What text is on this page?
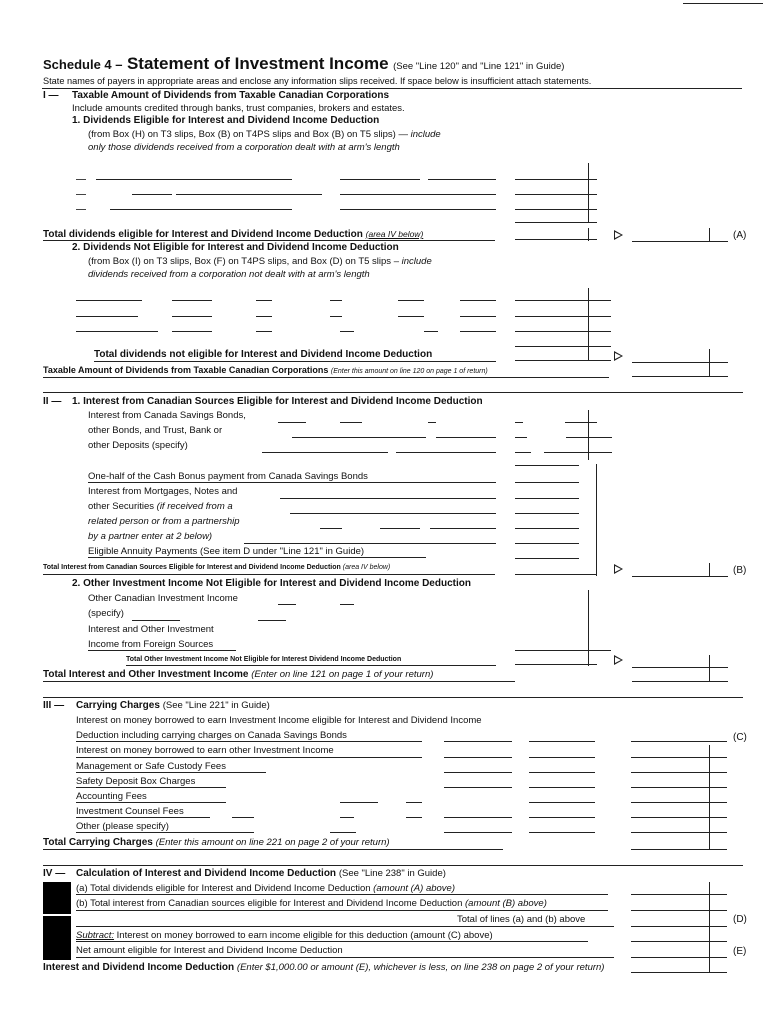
Schedule 4 – Statement of Investment Income (See "Line 120" and "Line 121" in Guide)
State names of payers in appropriate areas and enclose any information slips received. If space below is insufficient attach statements.
I — Taxable Amount of Dividends from Taxable Canadian Corporations
Include amounts credited through banks, trust companies, brokers and estates.
1. Dividends Eligible for Interest and Dividend Income Deduction
(from Box (H) on T3 slips, Box (B) on T4PS slips and Box (B) on T5 slips) — include
only those dividends received from a corporation dealt with at arm's length
Total dividends eligible for Interest and Dividend Income Deduction (area IV below)	(A)
2. Dividends Not Eligible for Interest and Dividend Income Deduction
(from Box (I) on T3 slips, Box (F) on T4PS slips, and Box (D) on T5 slips – include
dividends received from a corporation not dealt with at arm's length
Total dividends not eligible for Interest and Dividend Income Deduction
Taxable Amount of Dividends from Taxable Canadian Corporations (Enter this amount on line 120 on page 1 of return)
II — 1. Interest from Canadian Sources Eligible for Interest and Dividend Income Deduction
Interest from Canada Savings Bonds,
other Bonds, and Trust, Bank or
other Deposits (specify)
One-half of the Cash Bonus payment from Canada Savings Bonds
Interest from Mortgages, Notes and
other Securities (if received from a
related person or from a partnership
by a partner enter at 2 below)
Eligible Annuity Payments (See item D under "Line 121" in Guide)
Total Interest from Canadian Sources Eligible for Interest and Dividend Income Deduction (area IV below)	(B)
2. Other Investment Income Not Eligible for Interest and Dividend Income Deduction
Other Canadian Investment Income
(specify)
Interest and Other Investment
Income from Foreign Sources
Total Other Investment Income Not Eligible for Interest Dividend Income Deduction
Total Interest and Other Investment Income (Enter on line 121 on page 1 of your return)
III — Carrying Charges (See "Line 221" in Guide)
Interest on money borrowed to earn Investment Income eligible for Interest and Dividend Income
Deduction including carrying charges on Canada Savings Bonds	(C)
Interest on money borrowed to earn other Investment Income
Management or Safe Custody Fees
Safety Deposit Box Charges
Accounting Fees
Investment Counsel Fees
Other (please specify)
Total Carrying Charges (Enter this amount on line 221 on page 2 of your return)
IV — Calculation of Interest and Dividend Income Deduction (See "Line 238" in Guide)
(a) Total dividends eligible for Interest and Dividend Income Deduction (amount (A) above)
(b) Total interest from Canadian sources eligible for Interest and Dividend Income Deduction (amount (B) above)
Total of lines (a) and (b) above	(D)
Subtract: Interest on money borrowed to earn income eligible for this deduction (amount (C) above)
Net amount eligible for Interest and Dividend Income Deduction	(E)
Interest and Dividend Income Deduction (Enter $1,000.00 or amount (E), whichever is less, on line 238 on page 2 of your return)
